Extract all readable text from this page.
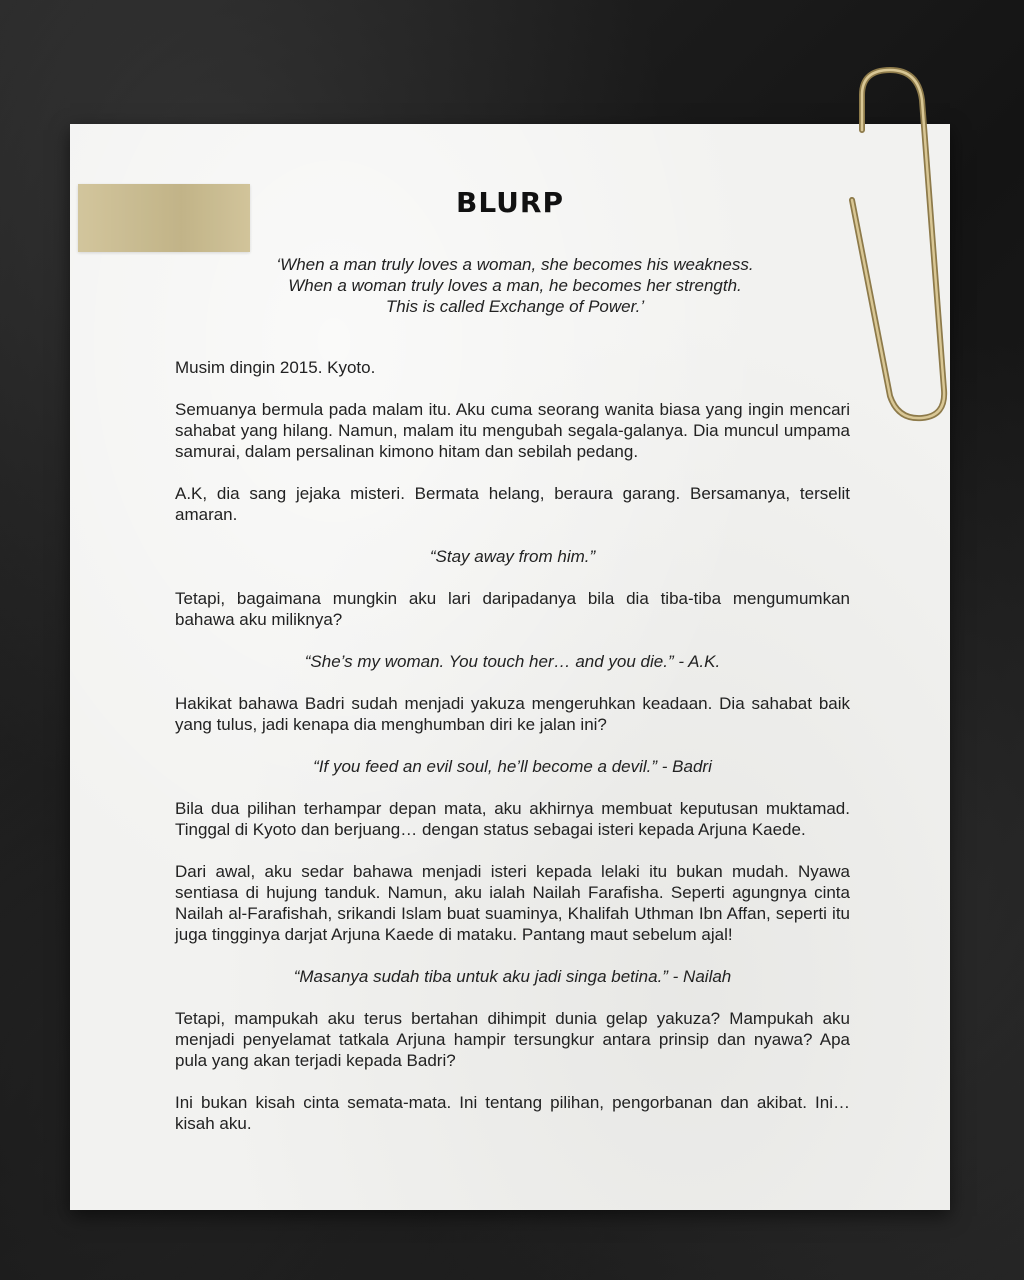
BLURP
‘When a man truly loves a woman, she becomes his weakness.
When a woman truly loves a man, he becomes her strength.
This is called Exchange of Power.’

Musim dingin 2015. Kyoto.

Semuanya bermula pada malam itu. Aku cuma seorang wanita biasa yang ingin mencari sahabat yang hilang. Namun, malam itu mengubah segala-galanya. Dia muncul umpama samurai, dalam persalinan kimono hitam dan sebilah pedang.

A.K, dia sang jejaka misteri. Bermata helang, beraura garang. Bersamanya, terselit amaran.

“Stay away from him.”

Tetapi, bagaimana mungkin aku lari daripadanya bila dia tiba-tiba mengumumkan bahawa aku miliknya?

“She’s my woman. You touch her… and you die.” - A.K.

Hakikat bahawa Badri sudah menjadi yakuza mengeruhkan keadaan. Dia sahabat baik yang tulus, jadi kenapa dia menghumban diri ke jalan ini?

“If you feed an evil soul, he’ll become a devil.” - Badri

Bila dua pilihan terhampar depan mata, aku akhirnya membuat keputusan muktamad. Tinggal di Kyoto dan berjuang… dengan status sebagai isteri kepada Arjuna Kaede.

Dari awal, aku sedar bahawa menjadi isteri kepada lelaki itu bukan mudah. Nyawa sentiasa di hujung tanduk. Namun, aku ialah Nailah Farafisha. Seperti agungnya cinta Nailah al-Farafishah, srikandi Islam buat suaminya, Khalifah Uthman Ibn Affan, seperti itu juga tingginya darjat Arjuna Kaede di mataku. Pantang maut sebelum ajal!

“Masanya sudah tiba untuk aku jadi singa betina.” - Nailah

Tetapi, mampukah aku terus bertahan dihimpit dunia gelap yakuza? Mampukah aku menjadi penyelamat tatkala Arjuna hampir tersungkur antara prinsip dan nyawa? Apa pula yang akan terjadi kepada Badri?

Ini bukan kisah cinta semata-mata. Ini tentang pilihan, pengorbanan dan akibat. Ini… kisah aku.
